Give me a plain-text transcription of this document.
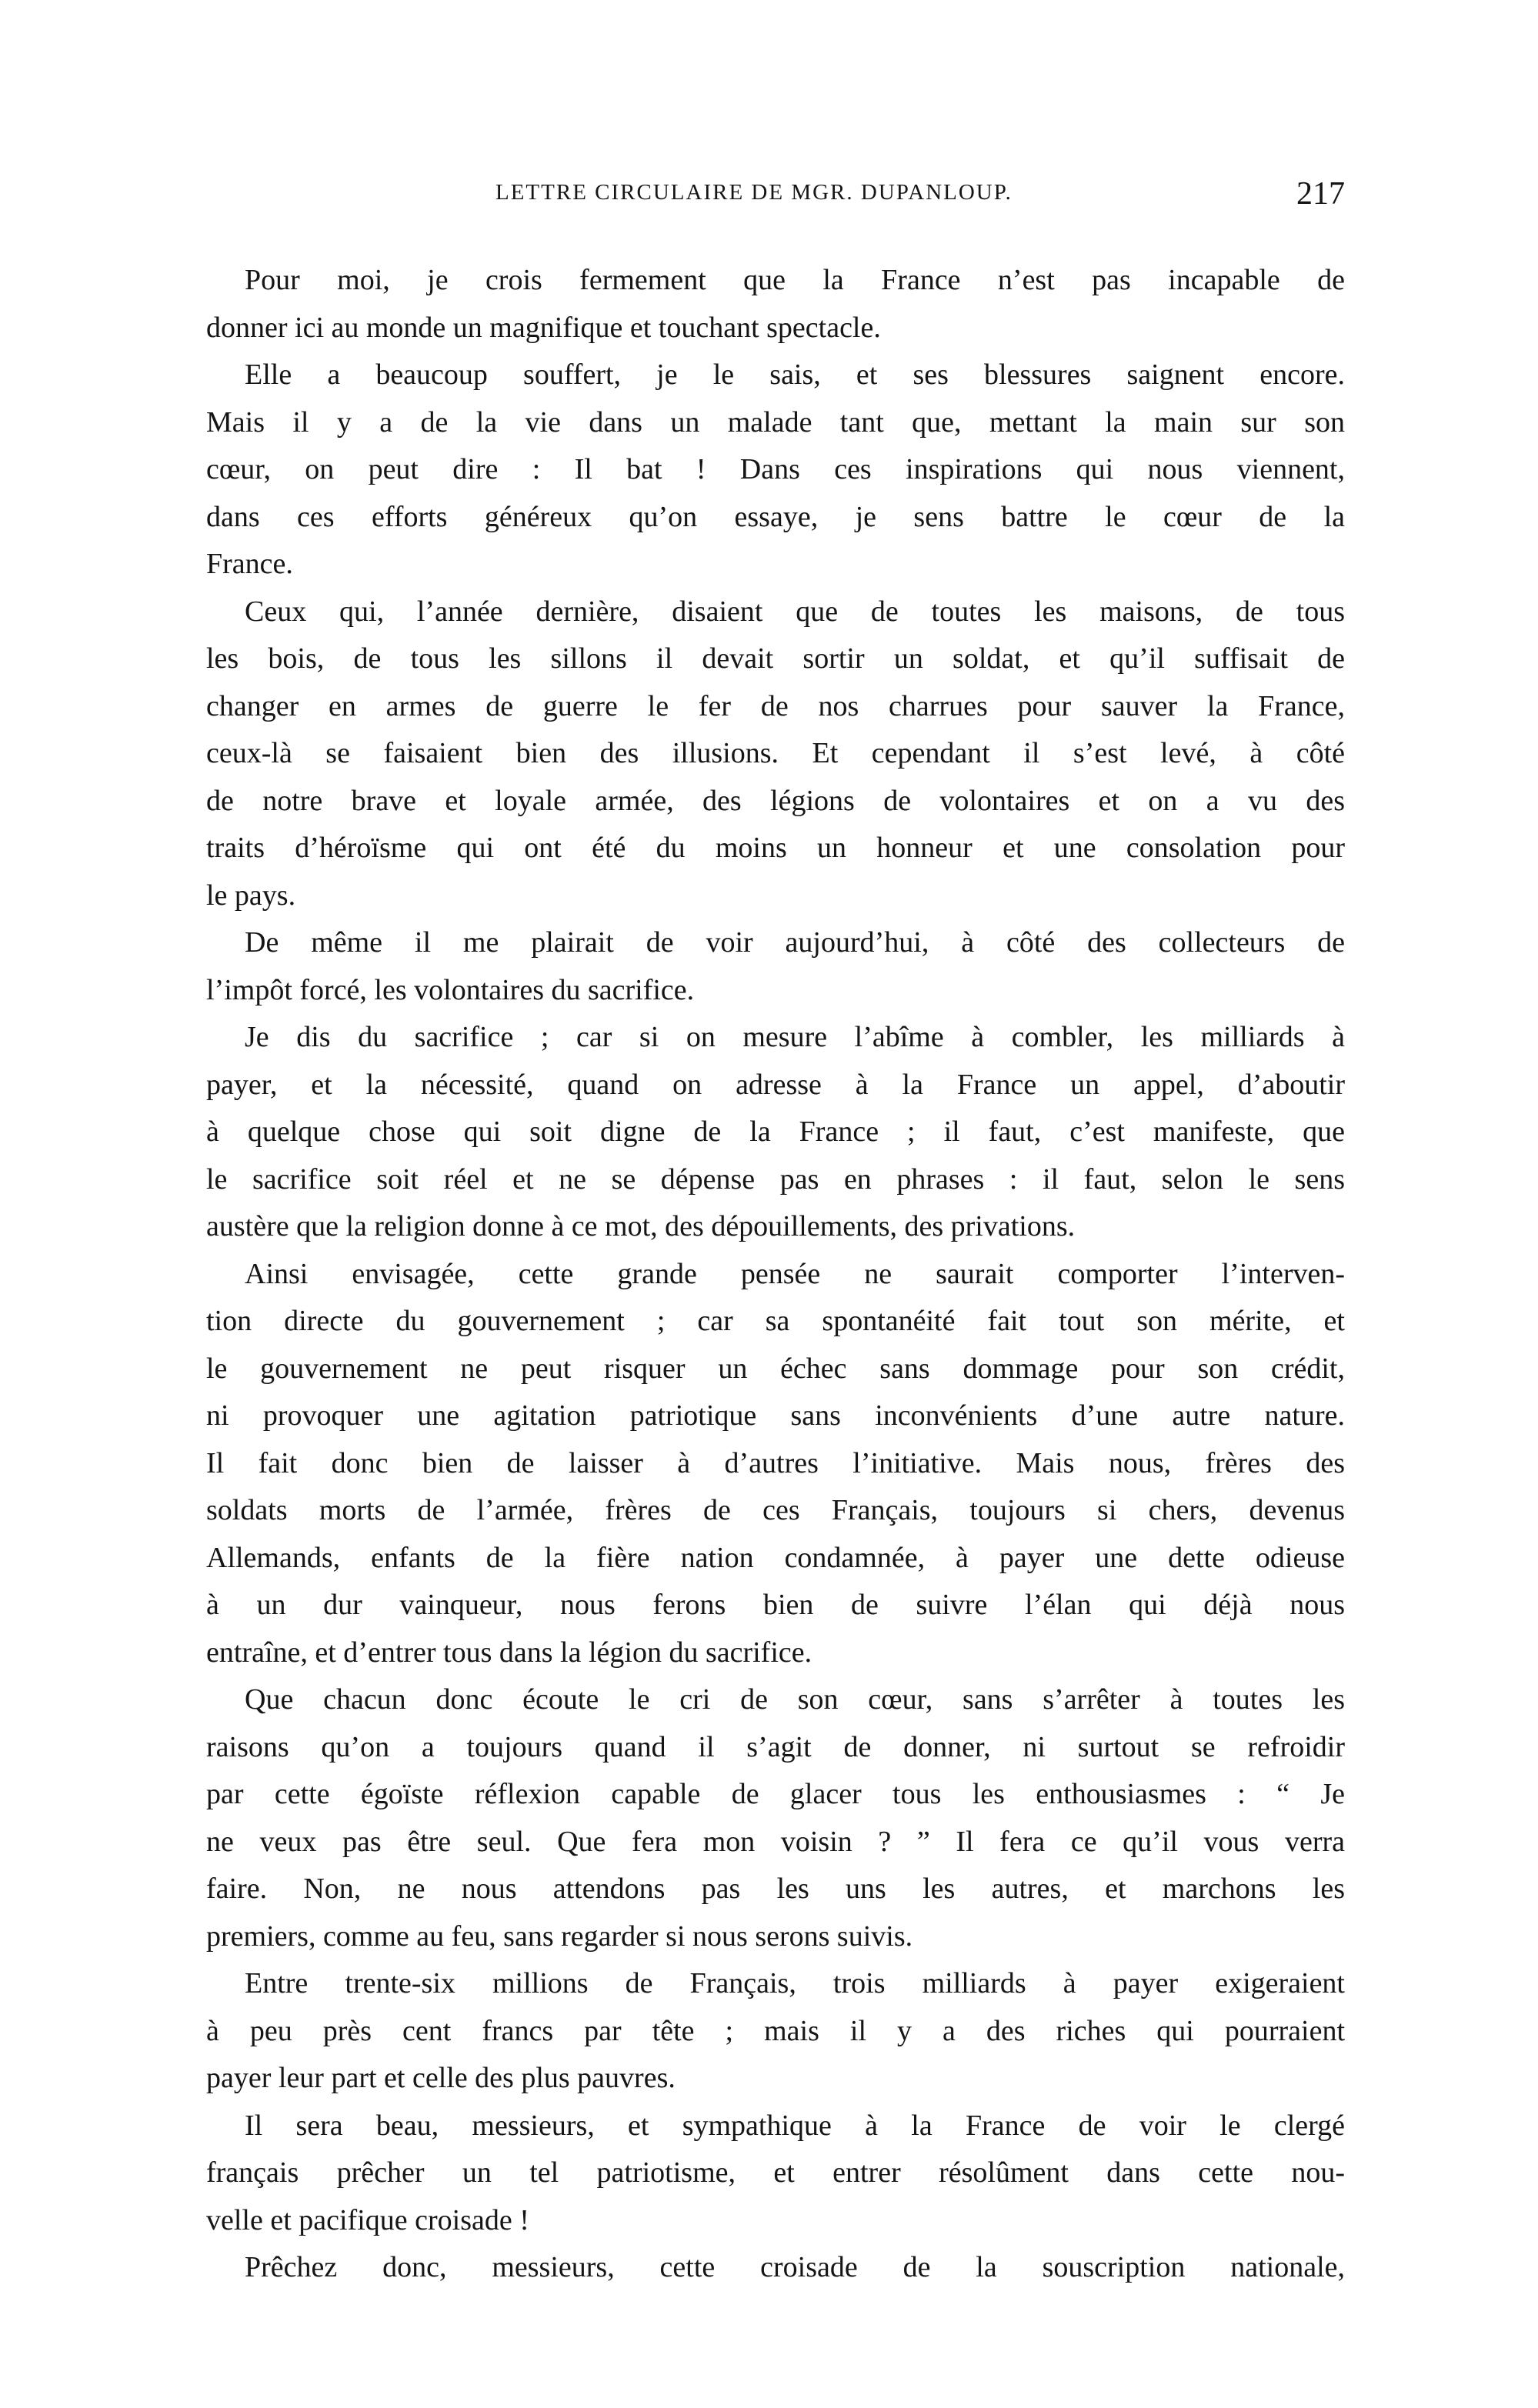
LETTRE CIRCULAIRE DE MGR. DUPANLOUP.	217
Pour moi, je crois fermement que la France n’est pas incapable de
donner ici au monde un magnifique et touchant spectacle.
Elle a beaucoup souffert, je le sais, et ses blessures saignent encore.
Mais il y a de la vie dans un malade tant que, mettant la main sur son
cœur, on peut dire : Il bat ! Dans ces inspirations qui nous viennent,
dans ces efforts généreux qu’on essaye, je sens battre le cœur de la
France.
Ceux qui, l’année dernière, disaient que de toutes les maisons, de tous
les bois, de tous les sillons il devait sortir un soldat, et qu’il suffisait de
changer en armes de guerre le fer de nos charrues pour sauver la France,
ceux-là se faisaient bien des illusions. Et cependant il s’est levé, à côté
de notre brave et loyale armée, des légions de volontaires et on a vu des
traits d’héroïsme qui ont été du moins un honneur et une consolation pour
le pays.
De même il me plairait de voir aujourd’hui, à côté des collecteurs de
l’impôt forcé, les volontaires du sacrifice.
Je dis du sacrifice ; car si on mesure l’abîme à combler, les milliards à
payer, et la nécessité, quand on adresse à la France un appel, d’aboutir
à quelque chose qui soit digne de la France ; il faut, c’est manifeste, que
le sacrifice soit réel et ne se dépense pas en phrases : il faut, selon le sens
austère que la religion donne à ce mot, des dépouillements, des privations.
Ainsi envisagée, cette grande pensée ne saurait comporter l’interven-
tion directe du gouvernement ; car sa spontanéité fait tout son mérite, et
le gouvernement ne peut risquer un échec sans dommage pour son crédit,
ni provoquer une agitation patriotique sans inconvénients d’une autre nature.
Il fait donc bien de laisser à d’autres l’initiative. Mais nous, frères des
soldats morts de l’armée, frères de ces Français, toujours si chers, devenus
Allemands, enfants de la fière nation condamnée, à payer une dette odieuse
à un dur vainqueur, nous ferons bien de suivre l’élan qui déjà nous
entraîne, et d’entrer tous dans la légion du sacrifice.
Que chacun donc écoute le cri de son cœur, sans s’arrêter à toutes les
raisons qu’on a toujours quand il s’agit de donner, ni surtout se refroidir
par cette égoïste réflexion capable de glacer tous les enthousiasmes : “ Je
ne veux pas être seul. Que fera mon voisin ? ” Il fera ce qu’il vous verra
faire. Non, ne nous attendons pas les uns les autres, et marchons les
premiers, comme au feu, sans regarder si nous serons suivis.
Entre trente-six millions de Français, trois milliards à payer exigeraient
à peu près cent francs par tête ; mais il y a des riches qui pourraient
payer leur part et celle des plus pauvres.
Il sera beau, messieurs, et sympathique à la France de voir le clergé
français prêcher un tel patriotisme, et entrer résolûment dans cette nou-
velle et pacifique croisade !
Prêchez donc, messieurs, cette croisade de la souscription nationale,
